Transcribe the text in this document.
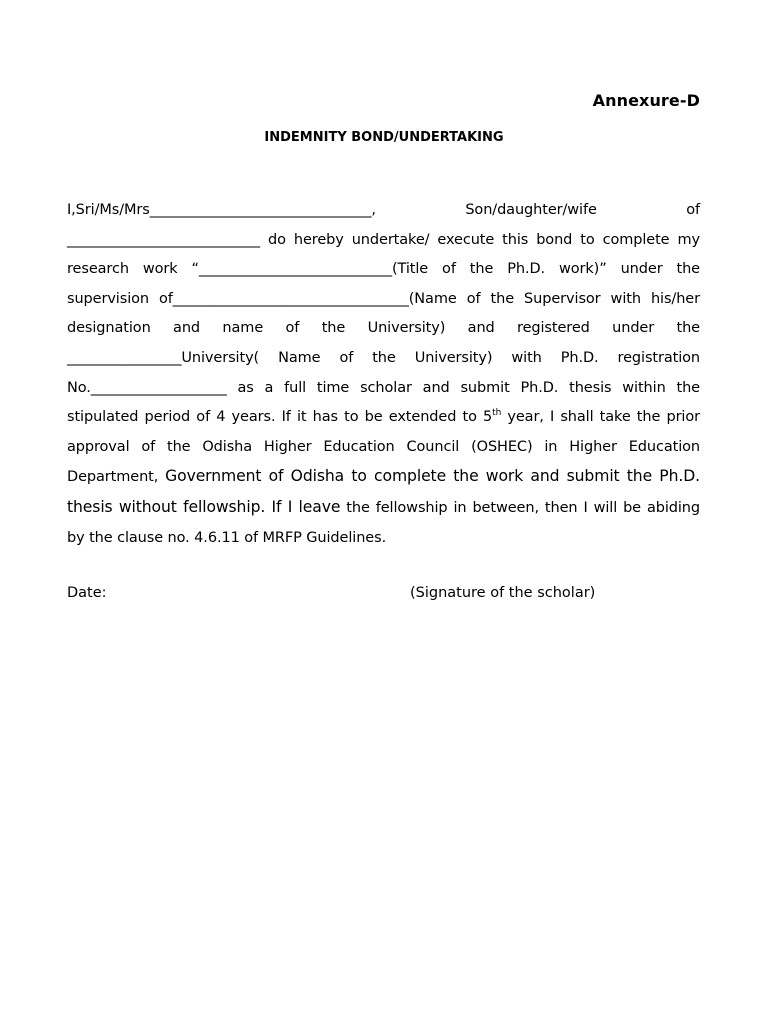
Annexure-D

INDEMNITY BOND/UNDERTAKING

I,Sri/Ms/Mrs_______________________________,	Son/daughter/wife	of
___________________________ do hereby undertake/ execute this bond to complete my research work “___________________________(Title of the Ph.D. work)” under the supervision of_________________________________(Name of the Supervisor with his/her designation and name of the University) and registered under the ________________University( Name of the University) with Ph.D. registration No.___________________ as a full time scholar and submit Ph.D. thesis within the stipulated period of 4 years. If it has to be extended to 5th year, I shall take the prior approval of the Odisha Higher Education Council (OSHEC) in Higher Education Department, Government of Odisha to complete the work and submit the Ph.D. thesis without fellowship. If I leave the fellowship in between, then I will be abiding by the clause no. 4.6.11 of MRFP Guidelines.
Date:	(Signature of the scholar)
